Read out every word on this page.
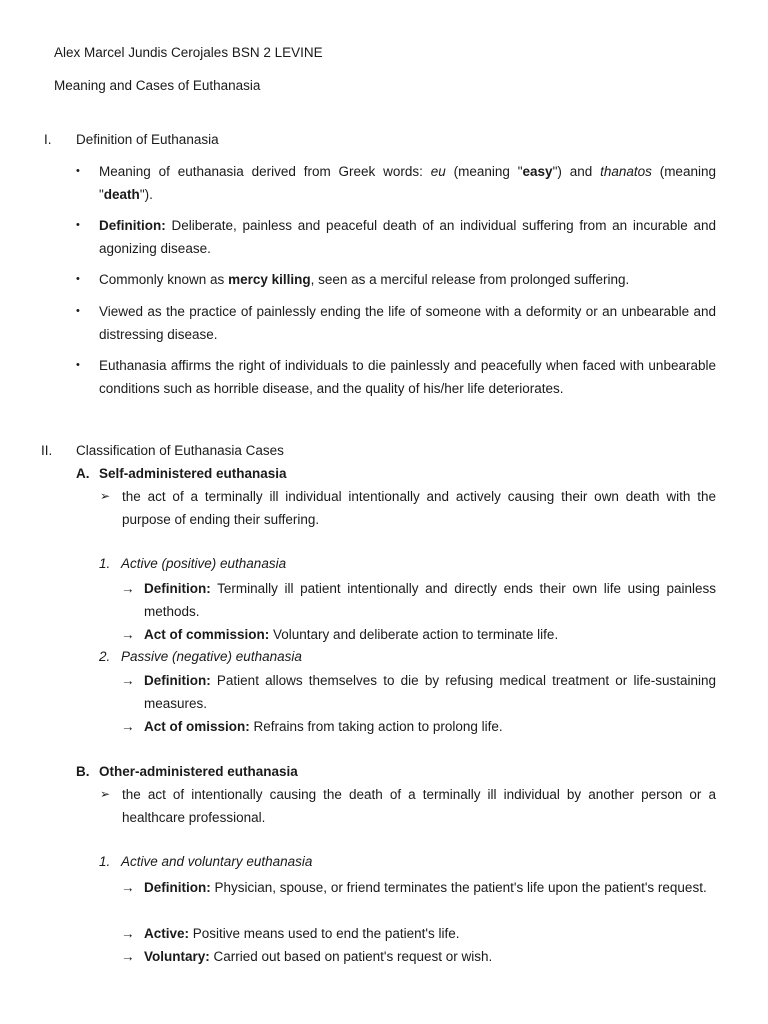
Alex Marcel Jundis Cerojales BSN 2 LEVINE
Meaning and Cases of Euthanasia
I. Definition of Euthanasia
•	Meaning of euthanasia derived from Greek words: eu (meaning "easy") and thanatos (meaning "death").
•	Definition: Deliberate, painless and peaceful death of an individual suffering from an incurable and agonizing disease.
•	Commonly known as mercy killing, seen as a merciful release from prolonged suffering.
•	Viewed as the practice of painlessly ending the life of someone with a deformity or an unbearable and distressing disease.
•	Euthanasia affirms the right of individuals to die painlessly and peacefully when faced with unbearable conditions such as horrible disease, and the quality of his/her life deteriorates.
II. Classification of Euthanasia Cases
A. Self-administered euthanasia
➢ the act of a terminally ill individual intentionally and actively causing their own death with the purpose of ending their suffering.
1. Active (positive) euthanasia
→ Definition: Terminally ill patient intentionally and directly ends their own life using painless methods.
→ Act of commission: Voluntary and deliberate action to terminate life.
2. Passive (negative) euthanasia
→ Definition: Patient allows themselves to die by refusing medical treatment or life-sustaining measures.
→ Act of omission: Refrains from taking action to prolong life.
B. Other-administered euthanasia
➢ the act of intentionally causing the death of a terminally ill individual by another person or a healthcare professional.
1. Active and voluntary euthanasia
→ Definition: Physician, spouse, or friend terminates the patient's life upon the patient's request.
→ Active: Positive means used to end the patient's life.
→ Voluntary: Carried out based on patient's request or wish.
